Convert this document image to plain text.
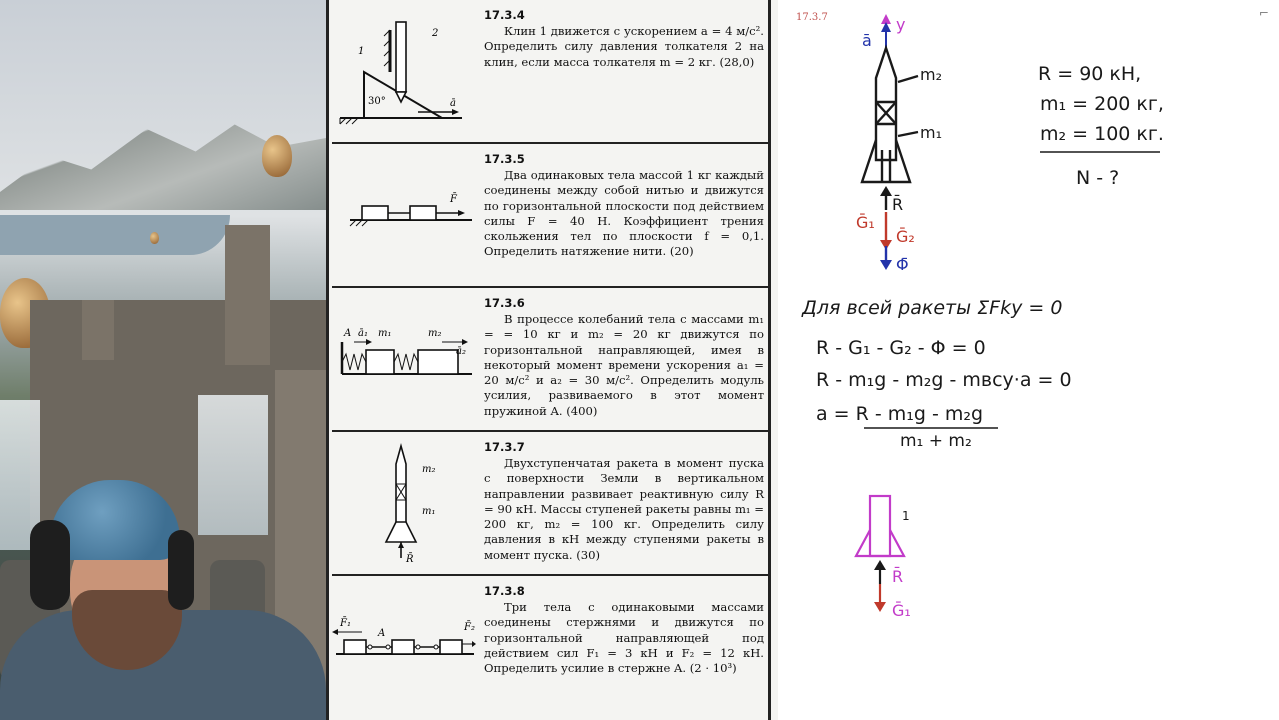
1
2
30°	ā
17.3.4
Клин 1 движется с ускорением a = 4 м/с². Определить силу давления толкателя 2 на клин, если масса толкателя m = 2 кг. (28,0)
F̄
17.3.5
Два одинаковых тела массой 1 кг каждый соединены между собой нитью и движутся по горизонтальной плоскости под действием силы F = 40 Н. Коэффициент трения скольжения тел по плоскости f = 0,1. Определить натяжение нити. (20)
A ā₁ m₁	m₂
ā₂
17.3.6
В процессе колебаний тела с массами m₁ = = 10 кг и m₂ = 20 кг движутся по горизонтальной направляющей, имея в некоторый момент времени ускорения a₁ = 20 м/с² и a₂ = 30 м/с². Определить модуль усилия, развиваемого в этот момент пружиной A. (400)
m₂
m₁
R̄
17.3.7
Двухступенчатая ракета в момент пуска с поверхности Земли в вертикальном направлении развивает реактивную силу R = 90 кН. Массы ступеней ракеты равны m₁ = 200 кг, m₂ = 100 кг. Определить силу давления в кН между ступенями ракеты в момент пуска. (30)
F̄₁
A
F̄₂
17.3.8
Три тела с одинаковыми массами соединены стержнями и движутся по горизонтальной направляющей под действием сил F₁ = 3 кН и F₂ = 12 кН. Определить усилие в стержне A. (2 · 10³)
17.3.7	⌐
y
ā
m₂
m₁
R̄
Ḡ₁
Ḡ₂
Φ̄
R = 90 кН,
m₁ = 200 кг,
m₂ = 100 кг.
N - ?
Для всей ракеты ΣFky = 0
R - G₁ - G₂ - Φ = 0
R - m₁g - m₂g - mвсу·a = 0
a = R - m₁g - m₂g
m₁ + m₂
1
R̄
Ḡ₁
